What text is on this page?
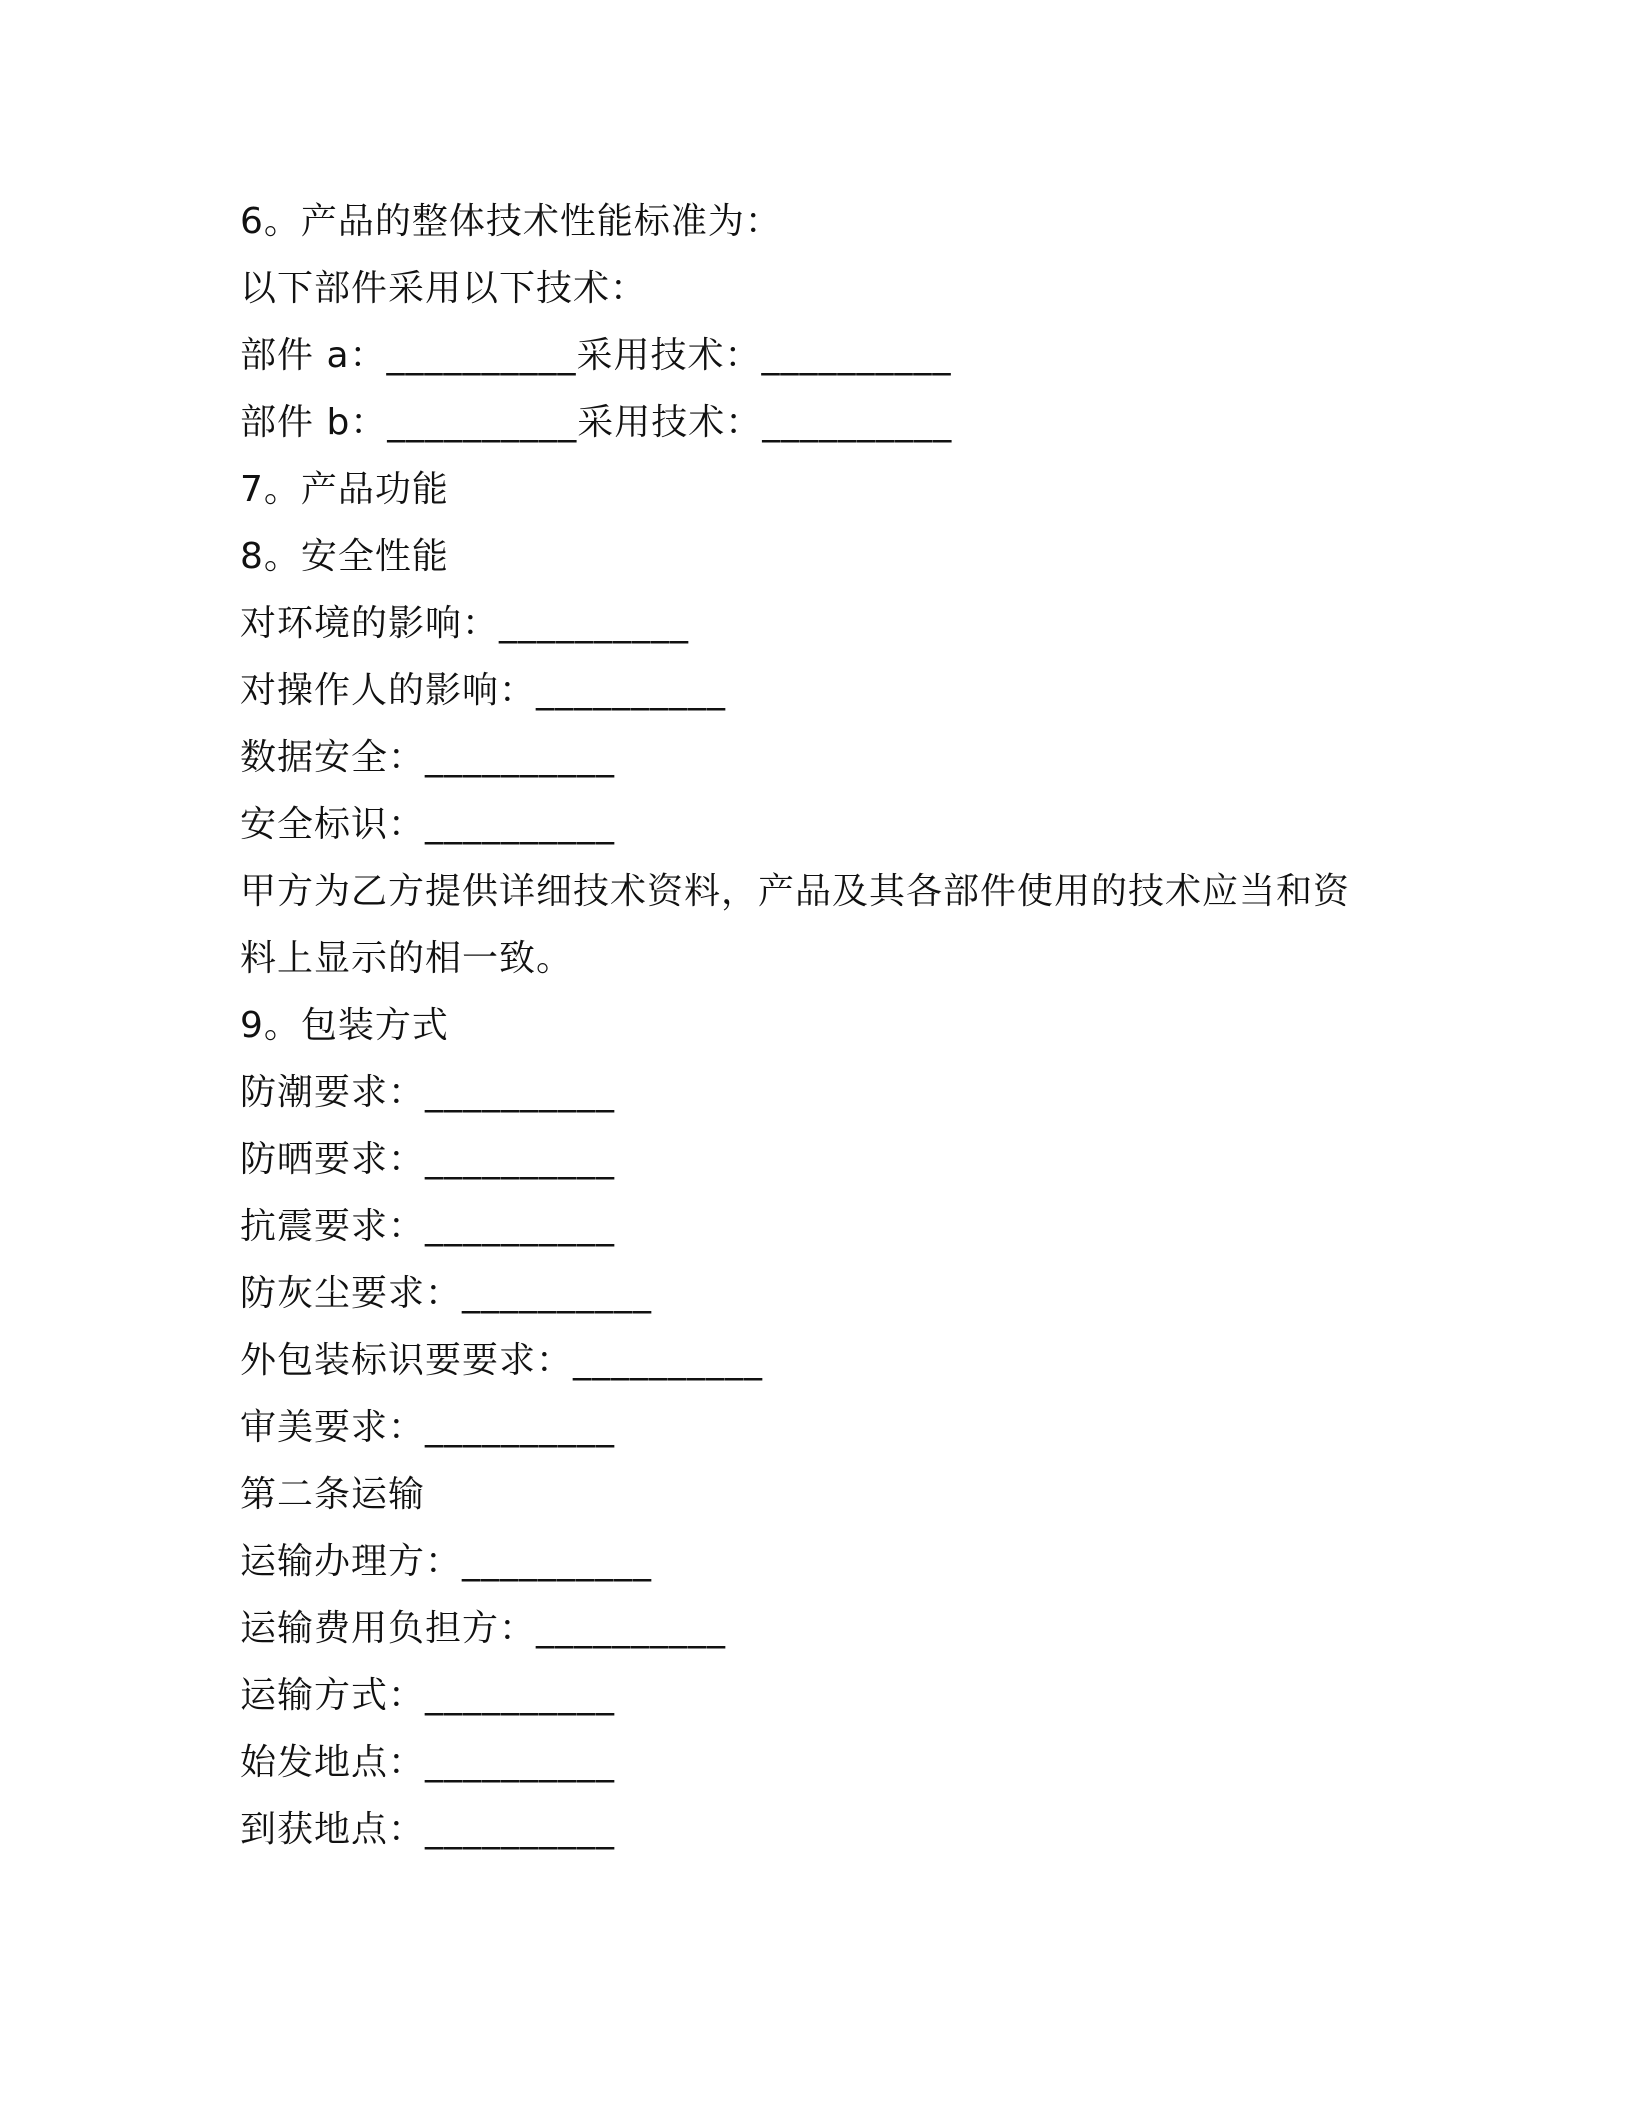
6。产品的整体技术性能标准为：
以下部件采用以下技术：
部件 a：__________采用技术：__________
部件 b：__________采用技术：__________
7。产品功能
8。安全性能
对环境的影响：__________
对操作人的影响：__________
数据安全：__________
安全标识：__________
甲方为乙方提供详细技术资料，产品及其各部件使用的技术应当和资
料上显示的相一致。
9。包装方式
防潮要求：__________
防晒要求：__________
抗震要求：__________
防灰尘要求：__________
外包装标识要要求：__________
审美要求：__________
第二条运输
运输办理方：__________
运输费用负担方：__________
运输方式：__________
始发地点：__________
到获地点：__________
